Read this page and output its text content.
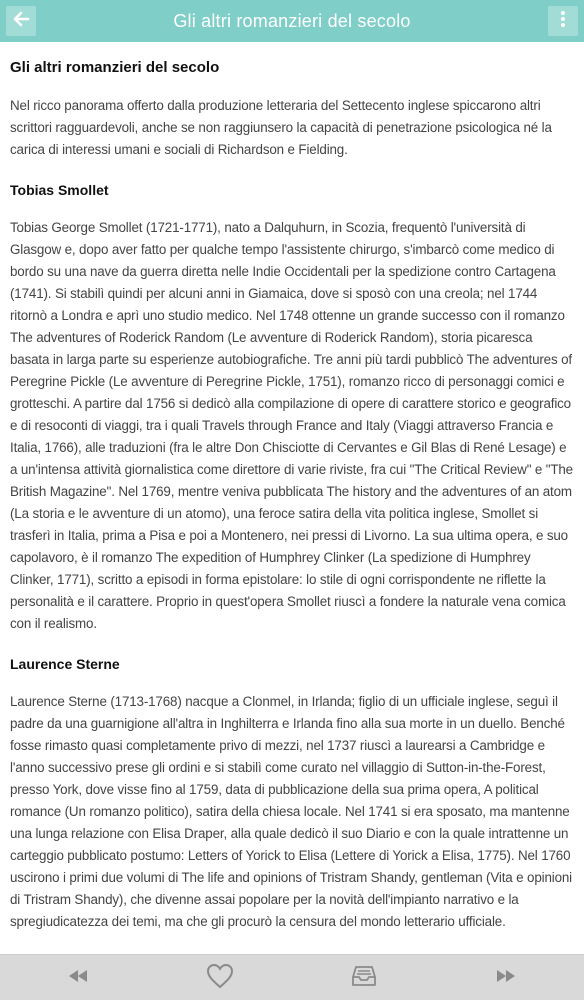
Gli altri romanzieri del secolo
Gli altri romanzieri del secolo

Nel ricco panorama offerto dalla produzione letteraria del Settecento inglese spiccarono altri scrittori ragguardevoli, anche se non raggiunsero la capacità di penetrazione psicologica né la carica di interessi umani e sociali di Richardson e Fielding.

Tobias Smollet

Tobias George Smollet (1721-1771), nato a Dalquhurn, in Scozia, frequentò l'università di Glasgow e, dopo aver fatto per qualche tempo l'assistente chirurgo, s'imbarcò come medico di bordo su una nave da guerra diretta nelle Indie Occidentali per la spedizione contro Cartagena (1741). Si stabilì quindi per alcuni anni in Giamaica, dove si sposò con una creola; nel 1744 ritornò a Londra e aprì uno studio medico. Nel 1748 ottenne un grande successo con il romanzo The adventures of Roderick Random (Le avventure di Roderick Random), storia picaresca basata in larga parte su esperienze autobiografiche. Tre anni più tardi pubblicò The adventures of Peregrine Pickle (Le avventure di Peregrine Pickle, 1751), romanzo ricco di personaggi comici e grotteschi. A partire dal 1756 si dedicò alla compilazione di opere di carattere storico e geografico e di resoconti di viaggi, tra i quali Travels through France and Italy (Viaggi attraverso Francia e Italia, 1766), alle traduzioni (fra le altre Don Chisciotte di Cervantes e Gil Blas di René Lesage) e a un'intensa attività giornalistica come direttore di varie riviste, fra cui "The Critical Review" e "The British Magazine". Nel 1769, mentre veniva pubblicata The history and the adventures of an atom (La storia e le avventure di un atomo), una feroce satira della vita politica inglese, Smollet si trasferì in Italia, prima a Pisa e poi a Montenero, nei pressi di Livorno. La sua ultima opera, e suo capolavoro, è il romanzo The expedition of Humphrey Clinker (La spedizione di Humphrey Clinker, 1771), scritto a episodi in forma epistolare: lo stile di ogni corrispondente ne riflette la personalità e il carattere. Proprio in quest'opera Smollet riuscì a fondere la naturale vena comica con il realismo.

Laurence Sterne

Laurence Sterne (1713-1768) nacque a Clonmel, in Irlanda; figlio di un ufficiale inglese, seguì il padre da una guarnigione all'altra in Inghilterra e Irlanda fino alla sua morte in un duello. Benché fosse rimasto quasi completamente privo di mezzi, nel 1737 riuscì a laurearsi a Cambridge e l'anno successivo prese gli ordini e si stabilì come curato nel villaggio di Sutton-in-the-Forest, presso York, dove visse fino al 1759, data di pubblicazione della sua prima opera, A political romance (Un romanzo politico), satira della chiesa locale. Nel 1741 si era sposato, ma mantenne una lunga relazione con Elisa Draper, alla quale dedicò il suo Diario e con la quale intrattenne un carteggio pubblicato postumo: Letters of Yorick to Elisa (Lettere di Yorick a Elisa, 1775). Nel 1760 uscirono i primi due volumi di The life and opinions of Tristram Shandy, gentleman (Vita e opinioni di Tristram Shandy), che divenne assai popolare per la novità dell'impianto narrativo e la spregiudicatezza dei temi, ma che gli procurò la censura del mondo letterario ufficiale.
